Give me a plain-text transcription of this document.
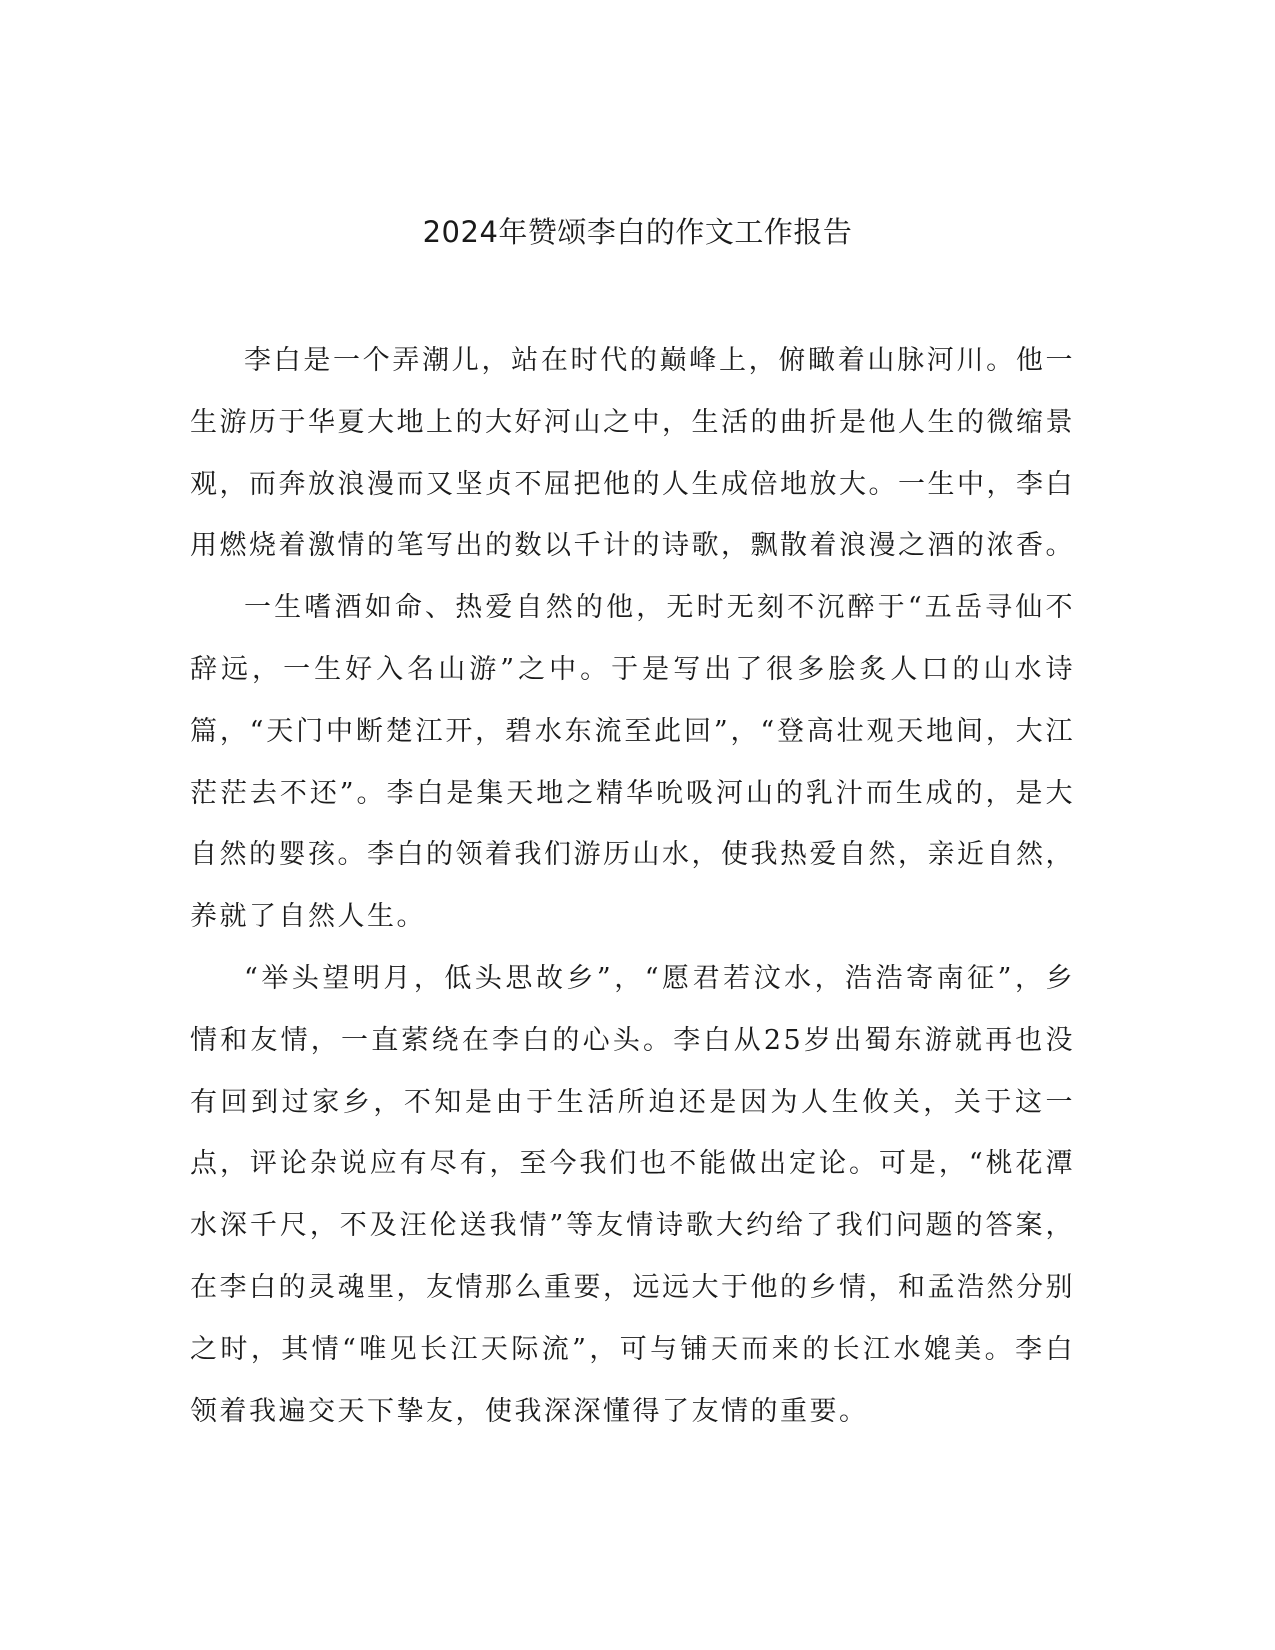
2024年赞颂李白的作文工作报告

李白是一个弄潮儿，站在时代的巅峰上，俯瞰着山脉河川。他一生游历于华夏大地上的大好河山之中，生活的曲折是他人生的微缩景观，而奔放浪漫而又坚贞不屈把他的人生成倍地放大。一生中，李白用燃烧着激情的笔写出的数以千计的诗歌，飘散着浪漫之酒的浓香。

一生嗜酒如命、热爱自然的他，无时无刻不沉醉于“五岳寻仙不辞远，一生好入名山游”之中。于是写出了很多脍炙人口的山水诗篇，“天门中断楚江开，碧水东流至此回”，“登高壮观天地间，大江茫茫去不还”。李白是集天地之精华吮吸河山的乳汁而生成的，是大自然的婴孩。李白的领着我们游历山水，使我热爱自然，亲近自然，养就了自然人生。

“举头望明月，低头思故乡”，“愿君若汶水，浩浩寄南征”，乡情和友情，一直萦绕在李白的心头。李白从25岁出蜀东游就再也没有回到过家乡，不知是由于生活所迫还是因为人生攸关，关于这一点，评论杂说应有尽有，至今我们也不能做出定论。可是，“桃花潭水深千尺，不及汪伦送我情”等友情诗歌大约给了我们问题的答案，在李白的灵魂里，友情那么重要，远远大于他的乡情，和孟浩然分别之时，其情“唯见长江天际流”，可与铺天而来的长江水媲美。李白领着我遍交天下挚友，使我深深懂得了友情的重要。
